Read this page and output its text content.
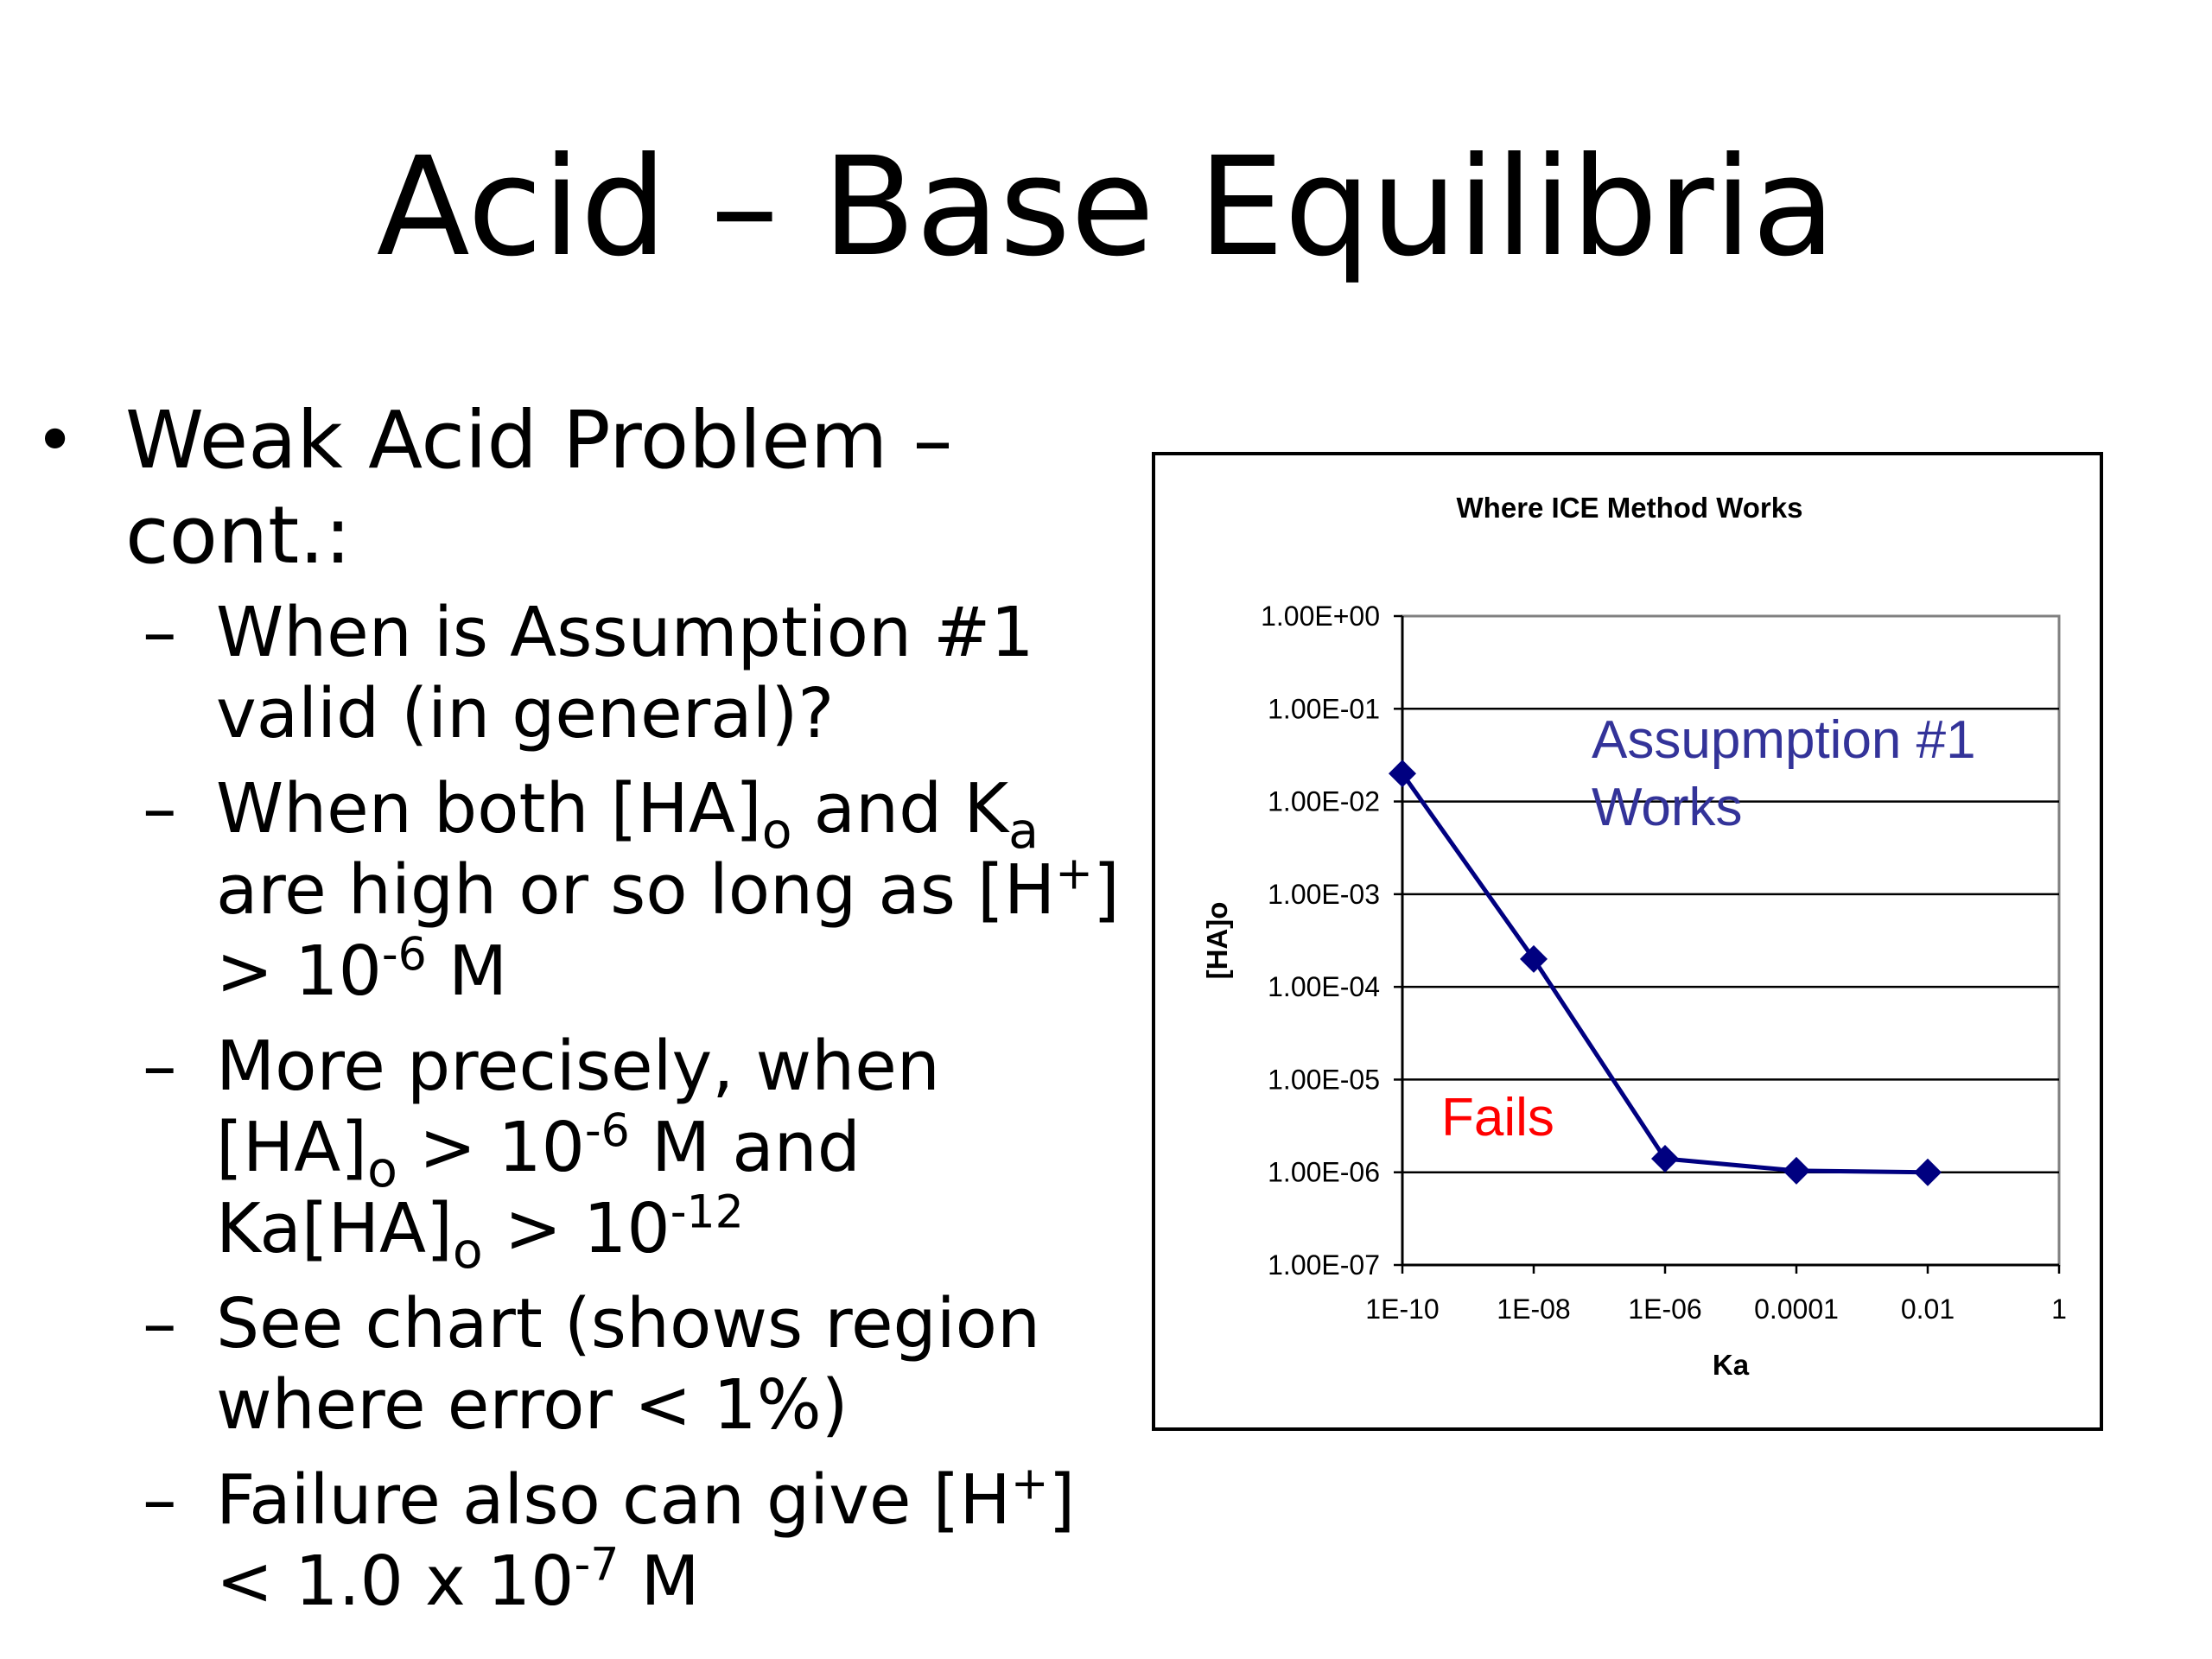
Acid – Base Equilibria
• Weak Acid Problem – cont.:
– When is Assumption #1 valid (in general)?
– When both $[HA]_o$ and $K_a$ are high or so long as $[H^+] > 10^{-6}$ M
– More precisely, when $[HA]_o > 10^{-6}$ M and $Ka[HA]_o > 10^{-12}$
– See chart (shows region where error < 1%)
– Failure also can give [H+] < 1.0 x $10^{-7}$ M
1.00E+00
1.00E-01
1.00E-02
1.00E-03
1.00E-04
1.00E-05
1.00E-06
1.00E-07
1E-10 1E-08 1E-06 0.0001 0.01	1
Where ICE Method Works
Ka
[HA]o
Assupmption #1
Works
Fails
